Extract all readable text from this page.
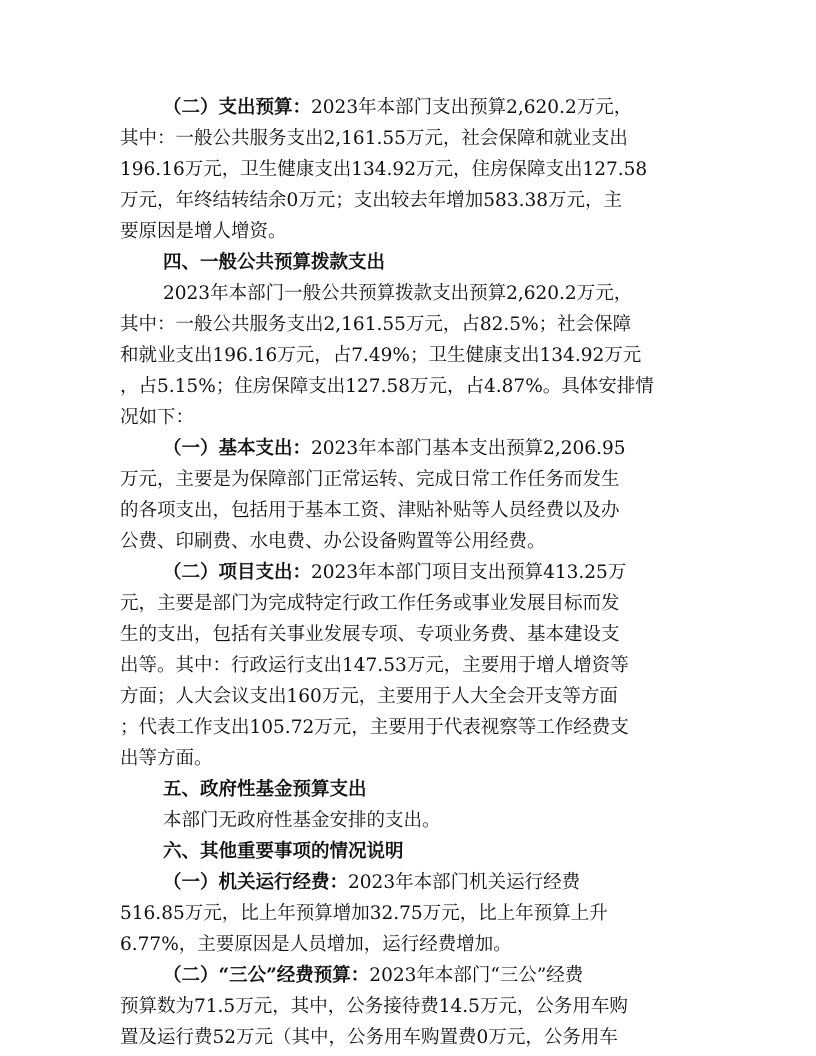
（二）支出预算：2023年本部门支出预算2,620.2万元，
其中：一般公共服务支出2,161.55万元，社会保障和就业支出
196.16万元，卫生健康支出134.92万元，住房保障支出127.58
万元，年终结转结余0万元；支出较去年增加583.38万元，主
要原因是增人增资。
四、一般公共预算拨款支出
2023年本部门一般公共预算拨款支出预算2,620.2万元，
其中：一般公共服务支出2,161.55万元，占82.5%；社会保障
和就业支出196.16万元，占7.49%；卫生健康支出134.92万元
，占5.15%；住房保障支出127.58万元，占4.87%。具体安排情
况如下：
（一）基本支出：2023年本部门基本支出预算2,206.95
万元，主要是为保障部门正常运转、完成日常工作任务而发生
的各项支出，包括用于基本工资、津贴补贴等人员经费以及办
公费、印刷费、水电费、办公设备购置等公用经费。
（二）项目支出：2023年本部门项目支出预算413.25万
元，主要是部门为完成特定行政工作任务或事业发展目标而发
生的支出，包括有关事业发展专项、专项业务费、基本建设支
出等。其中：行政运行支出147.53万元，主要用于增人增资等
方面；人大会议支出160万元，主要用于人大全会开支等方面
；代表工作支出105.72万元，主要用于代表视察等工作经费支
出等方面。
五、政府性基金预算支出
本部门无政府性基金安排的支出。
六、其他重要事项的情况说明
（一）机关运行经费：2023年本部门机关运行经费
516.85万元，比上年预算增加32.75万元，比上年预算上升
6.77%，主要原因是人员增加，运行经费增加。
（二）“三公”经费预算：2023年本部门“三公”经费
预算数为71.5万元，其中，公务接待费14.5万元，公务用车购
置及运行费52万元（其中，公务用车购置费0万元，公务用车
